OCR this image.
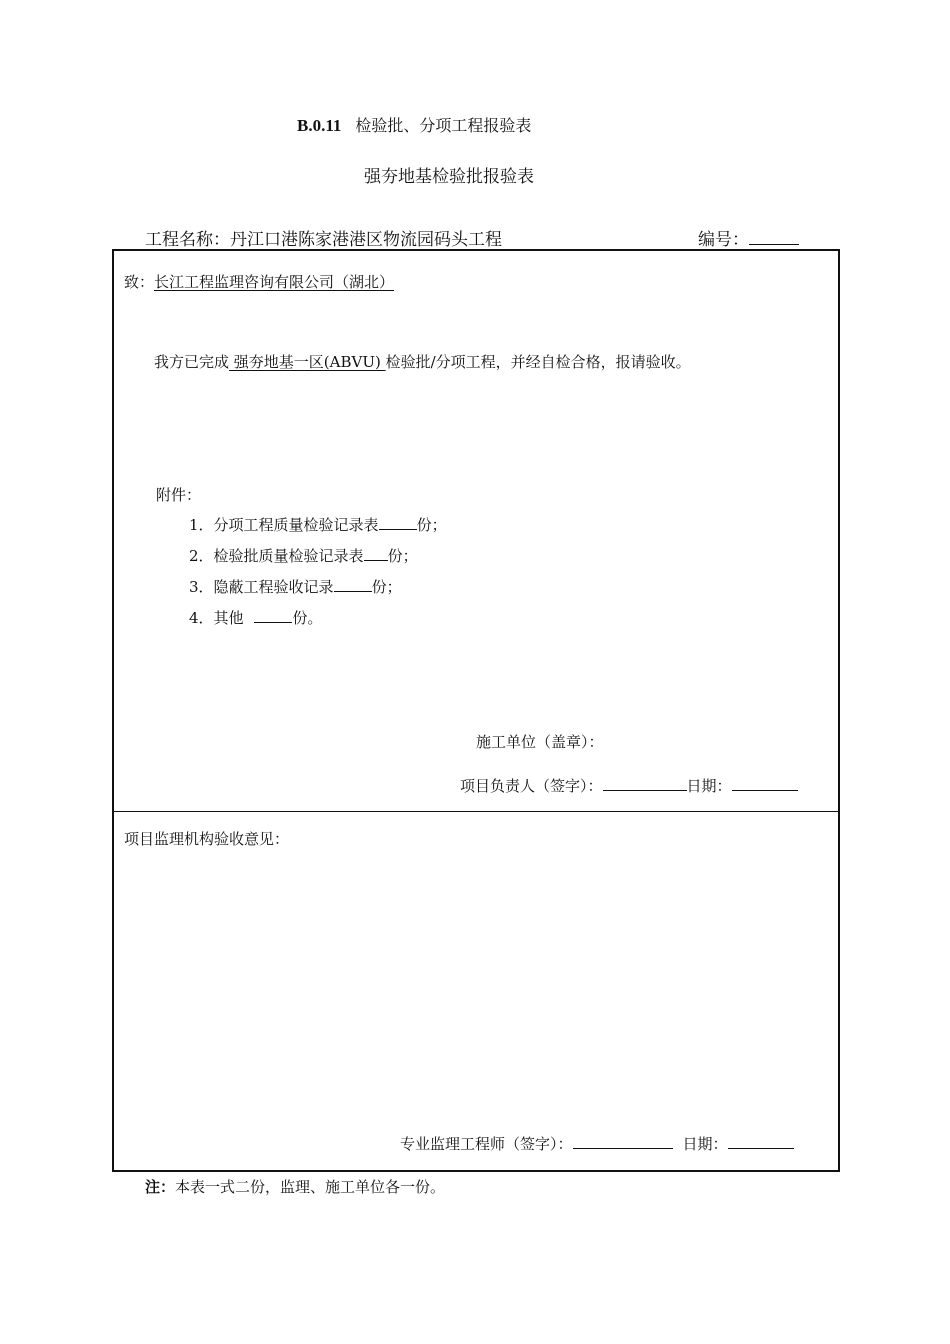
B.0.11 检验批、分项工程报验表
强夯地基检验批报验表
工程名称：丹江口港陈家港港区物流园码头工程	编号：
致：长江工程监理咨询有限公司（湖北）
我方已完成 强夯地基一区(ABVU) 检验批/分项工程，并经自检合格，报请验收。
附件：
1．分项工程质量检验记录表	份；
2．检验批质量检验记录表 份；
3．隐蔽工程验收记录	份；
4．其他	份。
施工单位（盖章）：
项目负责人（签字）：	日期：
项目监理机构验收意见：
专业监理工程师（签字）：	日期：
注：本表一式二份，监理、施工单位各一份。
